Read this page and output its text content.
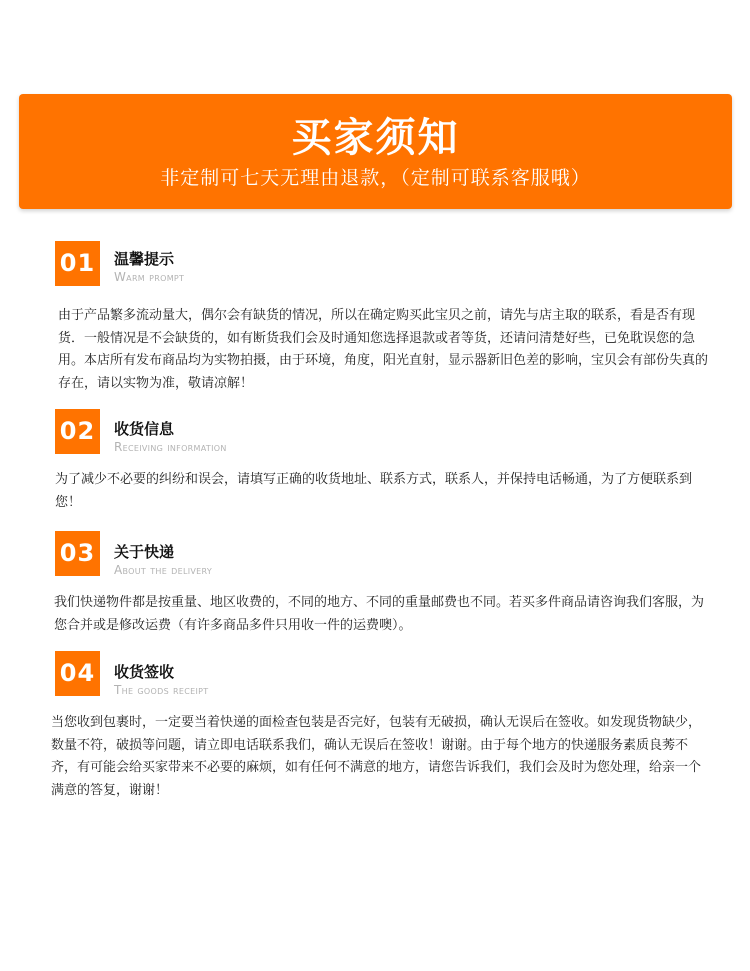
买家须知
非定制可七天无理由退款，（定制可联系客服哦）
01	温馨提示
Warm prompt
由于产品繁多流动量大，偶尔会有缺货的情况，所以在确定购买此宝贝之前，请先与店主取的联系，看是否有现货．一般情况是不会缺货的，如有断货我们会及时通知您选择退款或者等货，还请问清楚好些，已免耽误您的急用。本店所有发布商品均为实物拍摄，由于环境，角度，阳光直射，显示器新旧色差的影响，宝贝会有部份失真的存在，请以实物为准，敬请凉解！
02	收货信息
Receiving information
为了减少不必要的纠纷和误会，请填写正确的收货地址、联系方式，联系人，并保持电话畅通，为了方便联系到您！
03	关于快递
About the delivery
我们快递物件都是按重量、地区收费的，不同的地方、不同的重量邮费也不同。若买多件商品请咨询我们客服，为您合并或是修改运费（有许多商品多件只用收一件的运费噢）。
04	收货签收
The goods receipt
当您收到包裹时，一定要当着快递的面检查包装是否完好，包装有无破损，确认无误后在签收。如发现货物缺少，数量不符，破损等问题，请立即电话联系我们，确认无误后在签收！谢谢。由于每个地方的快递服务素质良莠不齐，有可能会给买家带来不必要的麻烦，如有任何不满意的地方，请您告诉我们，我们会及时为您处理，给亲一个满意的答复，谢谢！
